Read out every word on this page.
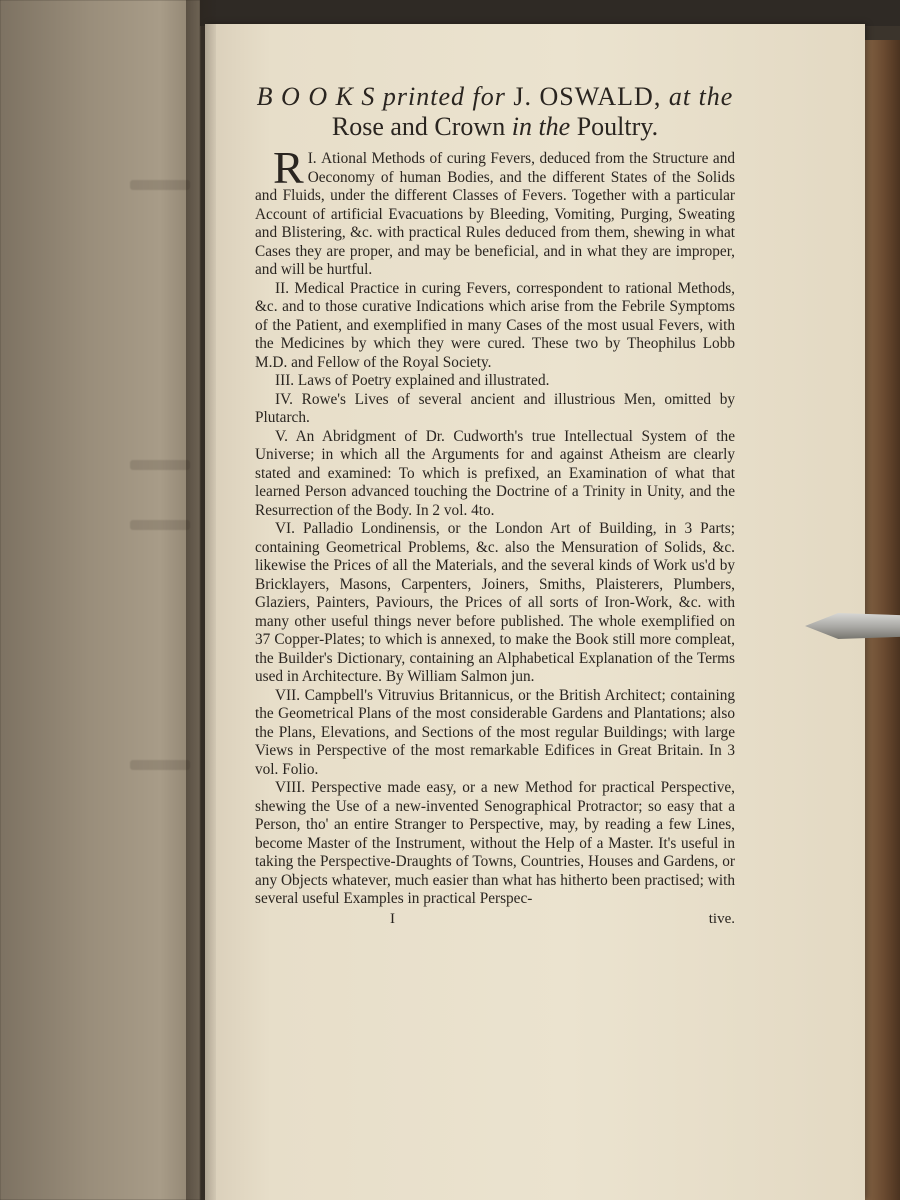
B O O K S printed for J. OSWALD, at the
Rose and Crown in the Poultry.

I.
R Ational Methods of curing Fevers, deduced from the Structure and Oeconomy of human Bodies, and the different States of the Solids and Fluids, under the different Classes of Fevers. Together with a particular Account of artificial Evacuations by Bleeding, Vomiting, Purging, Sweating and Blistering, &c. with practical Rules deduced from them, shewing in what Cases they are proper, and may be beneficial, and in what they are improper, and will be hurtful.

II. Medical Practice in curing Fevers, correspondent to rational Methods, &c. and to those curative Indications which arise from the Febrile Symptoms of the Patient, and exemplified in many Cases of the most usual Fevers, with the Medicines by which they were cured. These two by Theophilus Lobb M.D. and Fellow of the Royal Society.

III. Laws of Poetry explained and illustrated.

IV. Rowe's Lives of several ancient and illustrious Men, omitted by Plutarch.

V. An Abridgment of Dr. Cudworth's true Intellectual System of the Universe; in which all the Arguments for and against Atheism are clearly stated and examined: To which is prefixed, an Examination of what that learned Person advanced touching the Doctrine of a Trinity in Unity, and the Resurrection of the Body. In 2 vol. 4to.

VI. Palladio Londinensis, or the London Art of Building, in 3 Parts; containing Geometrical Problems, &c. also the Mensuration of Solids, &c. likewise the Prices of all the Materials, and the several kinds of Work us'd by Bricklayers, Masons, Carpenters, Joiners, Smiths, Plaisterers, Plumbers, Glaziers, Painters, Paviours, the Prices of all sorts of Iron-Work, &c. with many other useful things never before published. The whole exemplified on 37 Copper-Plates; to which is annexed, to make the Book still more compleat, the Builder's Dictionary, containing an Alphabetical Explanation of the Terms used in Architecture. By William Salmon jun.

VII. Campbell's Vitruvius Britannicus, or the British Architect; containing the Geometrical Plans of the most considerable Gardens and Plantations; also the Plans, Elevations, and Sections of the most regular Buildings; with large Views in Perspective of the most remarkable Edifices in Great Britain. In 3 vol. Folio.

VIII. Perspective made easy, or a new Method for practical Perspective, shewing the Use of a new-invented Senographical Protractor; so easy that a Person, tho' an entire Stranger to Perspective, may, by reading a few Lines, become Master of the Instrument, without the Help of a Master. It's useful in taking the Perspective-Draughts of Towns, Countries, Houses and Gardens, or any Objects whatever, much easier than what has hitherto been practised; with several useful Examples in practical Perspec-

I	tive.
